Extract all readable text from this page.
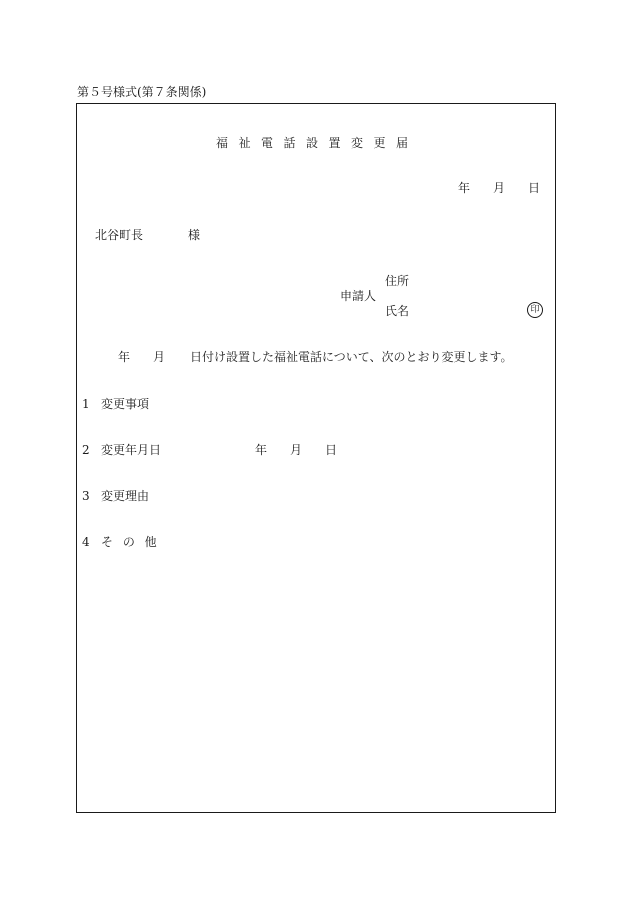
第５号様式(第７条関係)
福祉電話設置変更届
年 月 日
北谷町長	様
住所
申請人
氏名	印
年 月 日付け設置した福祉電話について、次のとおり変更します。
1 変更事項
2 変更年月日	年 月 日
3 変更理由
4 そ の 他
